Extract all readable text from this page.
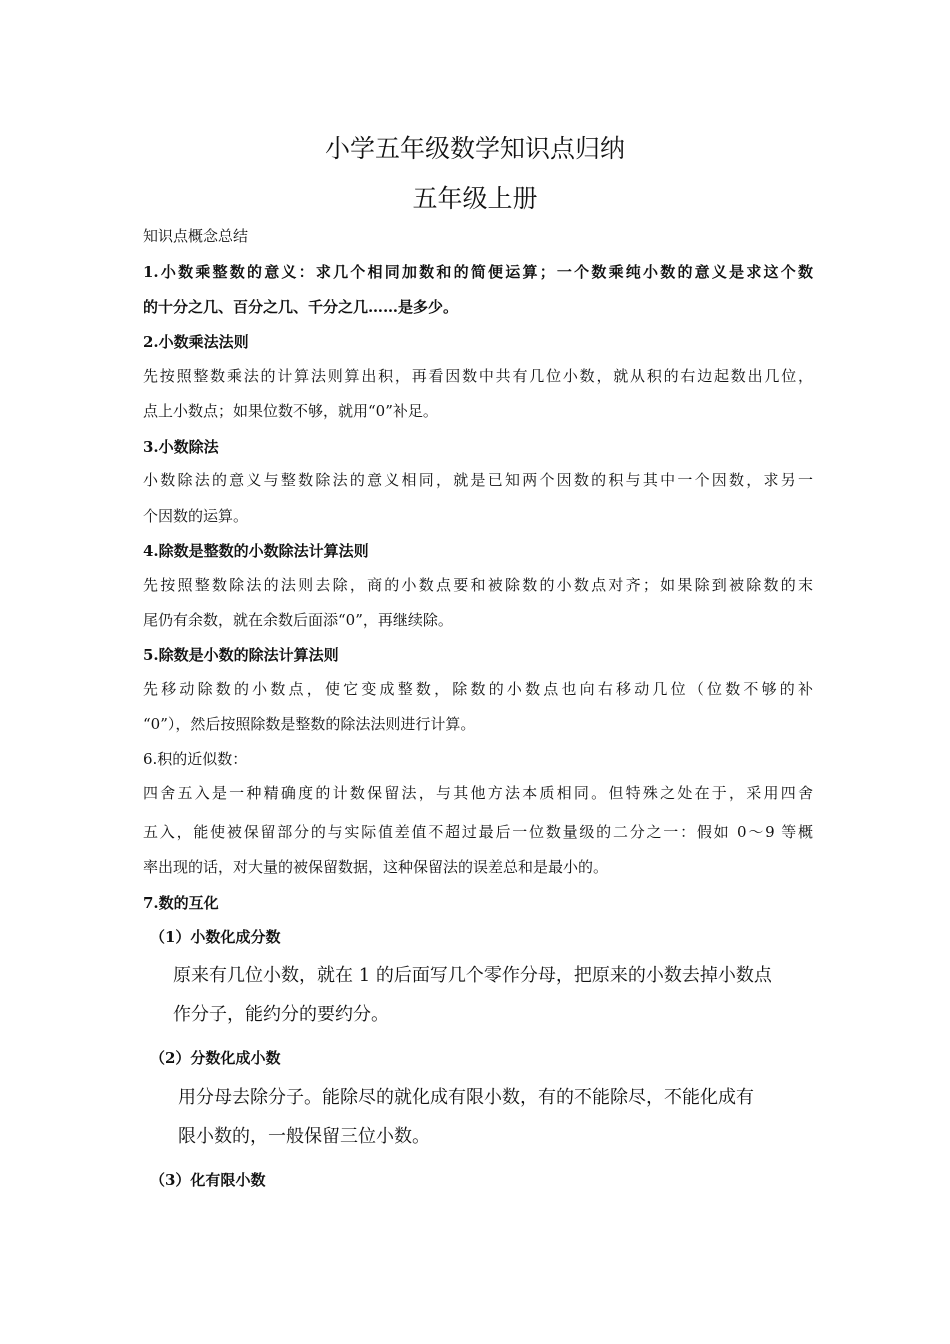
小学五年级数学知识点归纳
五年级上册
知识点概念总结
1.小数乘整数的意义：求几个相同加数和的简便运算；一个数乘纯小数的意义是求这个数
的十分之几、百分之几、千分之几……是多少。
2.小数乘法法则
先按照整数乘法的计算法则算出积，再看因数中共有几位小数，就从积的右边起数出几位，
点上小数点；如果位数不够，就用“0”补足。
3.小数除法
小数除法的意义与整数除法的意义相同，就是已知两个因数的积与其中一个因数，求另一
个因数的运算。
4.除数是整数的小数除法计算法则
先按照整数除法的法则去除，商的小数点要和被除数的小数点对齐；如果除到被除数的末
尾仍有余数，就在余数后面添“0”，再继续除。
5.除数是小数的除法计算法则
先移动除数的小数点，使它变成整数，除数的小数点也向右移动几位（位数不够的补
“0”），然后按照除数是整数的除法法则进行计算。
6.积的近似数：
四舍五入是一种精确度的计数保留法，与其他方法本质相同。但特殊之处在于，采用四舍
五入，能使被保留部分的与实际值差值不超过最后一位数量级的二分之一：假如 0～9 等概
率出现的话，对大量的被保留数据，这种保留法的误差总和是最小的。
7.数的互化
（1）小数化成分数
原来有几位小数，就在 1 的后面写几个零作分母，把原来的小数去掉小数点
作分子，能约分的要约分。
（2）分数化成小数
用分母去除分子。能除尽的就化成有限小数，有的不能除尽，不能化成有
限小数的，一般保留三位小数。
（3）化有限小数
